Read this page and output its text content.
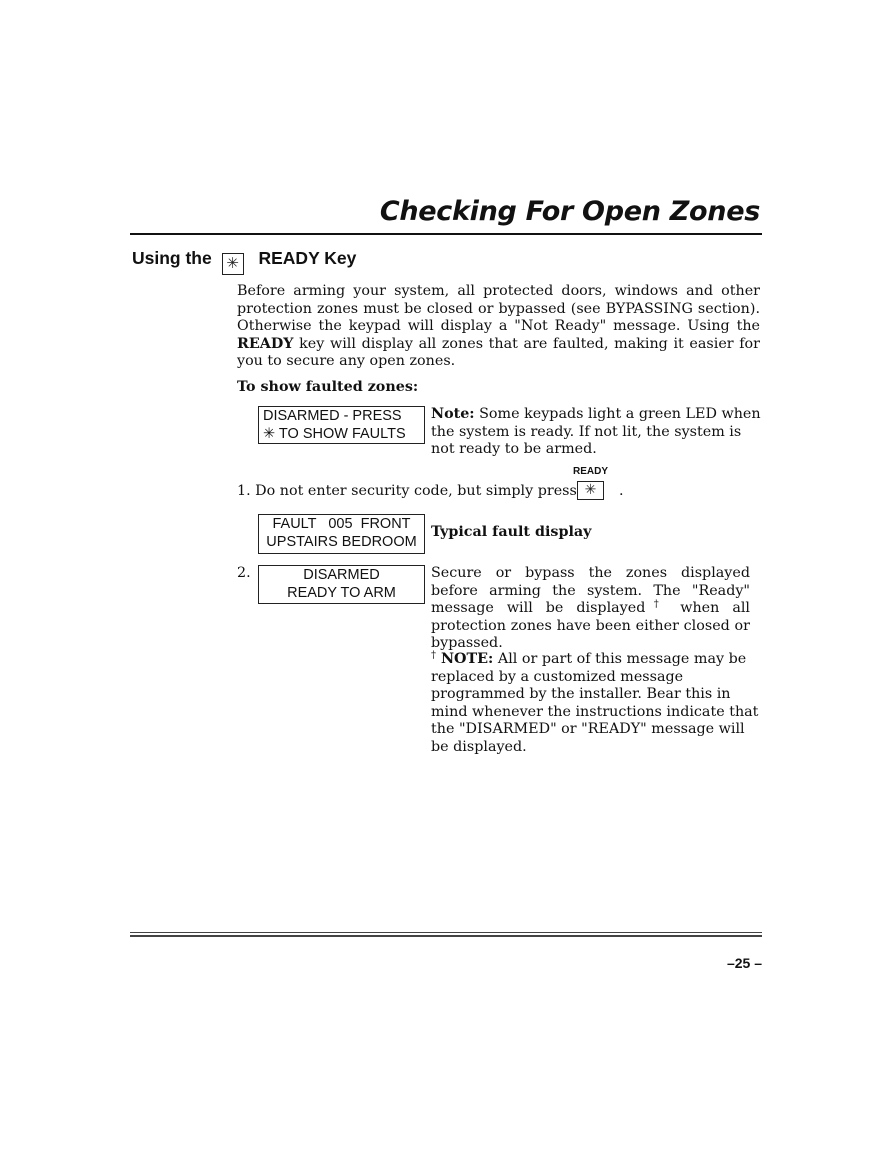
Checking For Open Zones
Using the ✳ READY Key
Before arming your system, all protected doors, windows and other protection zones must be closed or bypassed (see BYPASSING section). Otherwise the keypad will display a "Not Ready" message. Using the READY key will display all zones that are faulted, making it easier for you to secure any open zones.
To show faulted zones:
DISARMED - PRESS
✳ TO SHOW FAULTS
Note: Some keypads light a green LED when the system is ready. If not lit, the system is not ready to be armed.
READY
1. Do not enter security code, but simply press ✳	.
FAULT   005  FRONT
UPSTAIRS BEDROOM
Typical fault display
2.	DISARMED
READY TO ARM
Secure or bypass the zones displayed before arming the system. The "Ready" message will be displayed† when all protection zones have been either closed or bypassed.
† NOTE: All or part of this message may be replaced by a customized message programmed by the installer. Bear this in mind whenever the instructions indicate that the "DISARMED" or "READY" message will be displayed.
–25 –
